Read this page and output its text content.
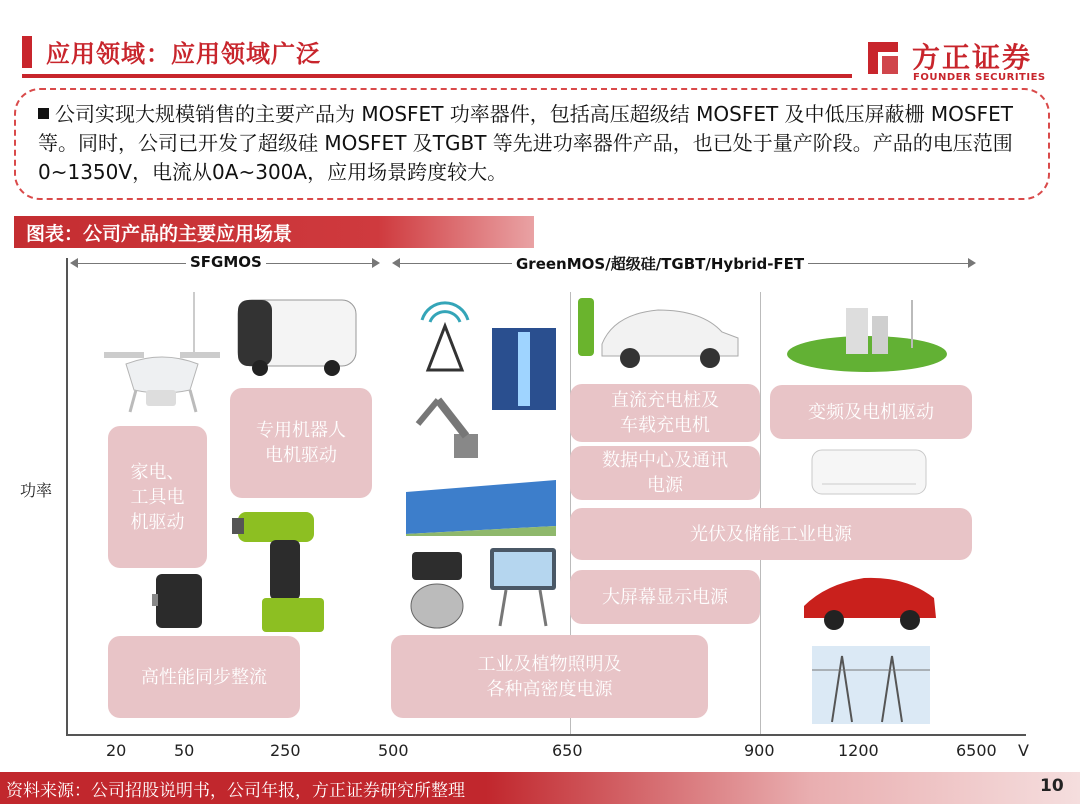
应用领域：应用领域广泛	方正证券
FOUNDER SECURITIES
公司实现大规模销售的主要产品为 MOSFET 功率器件，包括高压超级结 MOSFET 及中低压屏蔽栅 MOSFET 等。同时，公司已开发了超级硅 MOSFET 及TGBT 等先进功率器件产品，也已处于量产阶段。产品的电压范围0~1350V，电流从0A~300A，应用场景跨度较大。
图表：公司产品的主要应用场景
功率
SFGMOS	GreenMOS/超级硅/TGBT/Hybrid-FET
20	50	250	500	650	900	1200	6500 V
家电、
工具电
机驱动
专用机器人
电机驱动
高性能同步整流
直流充电桩及
车载充电机
数据中心及通讯
电源
变频及电机驱动
光伏及储能工业电源
大屏幕显示电源
工业及植物照明及
各种高密度电源
资料来源：公司招股说明书，公司年报，方正证券研究所整理	10
